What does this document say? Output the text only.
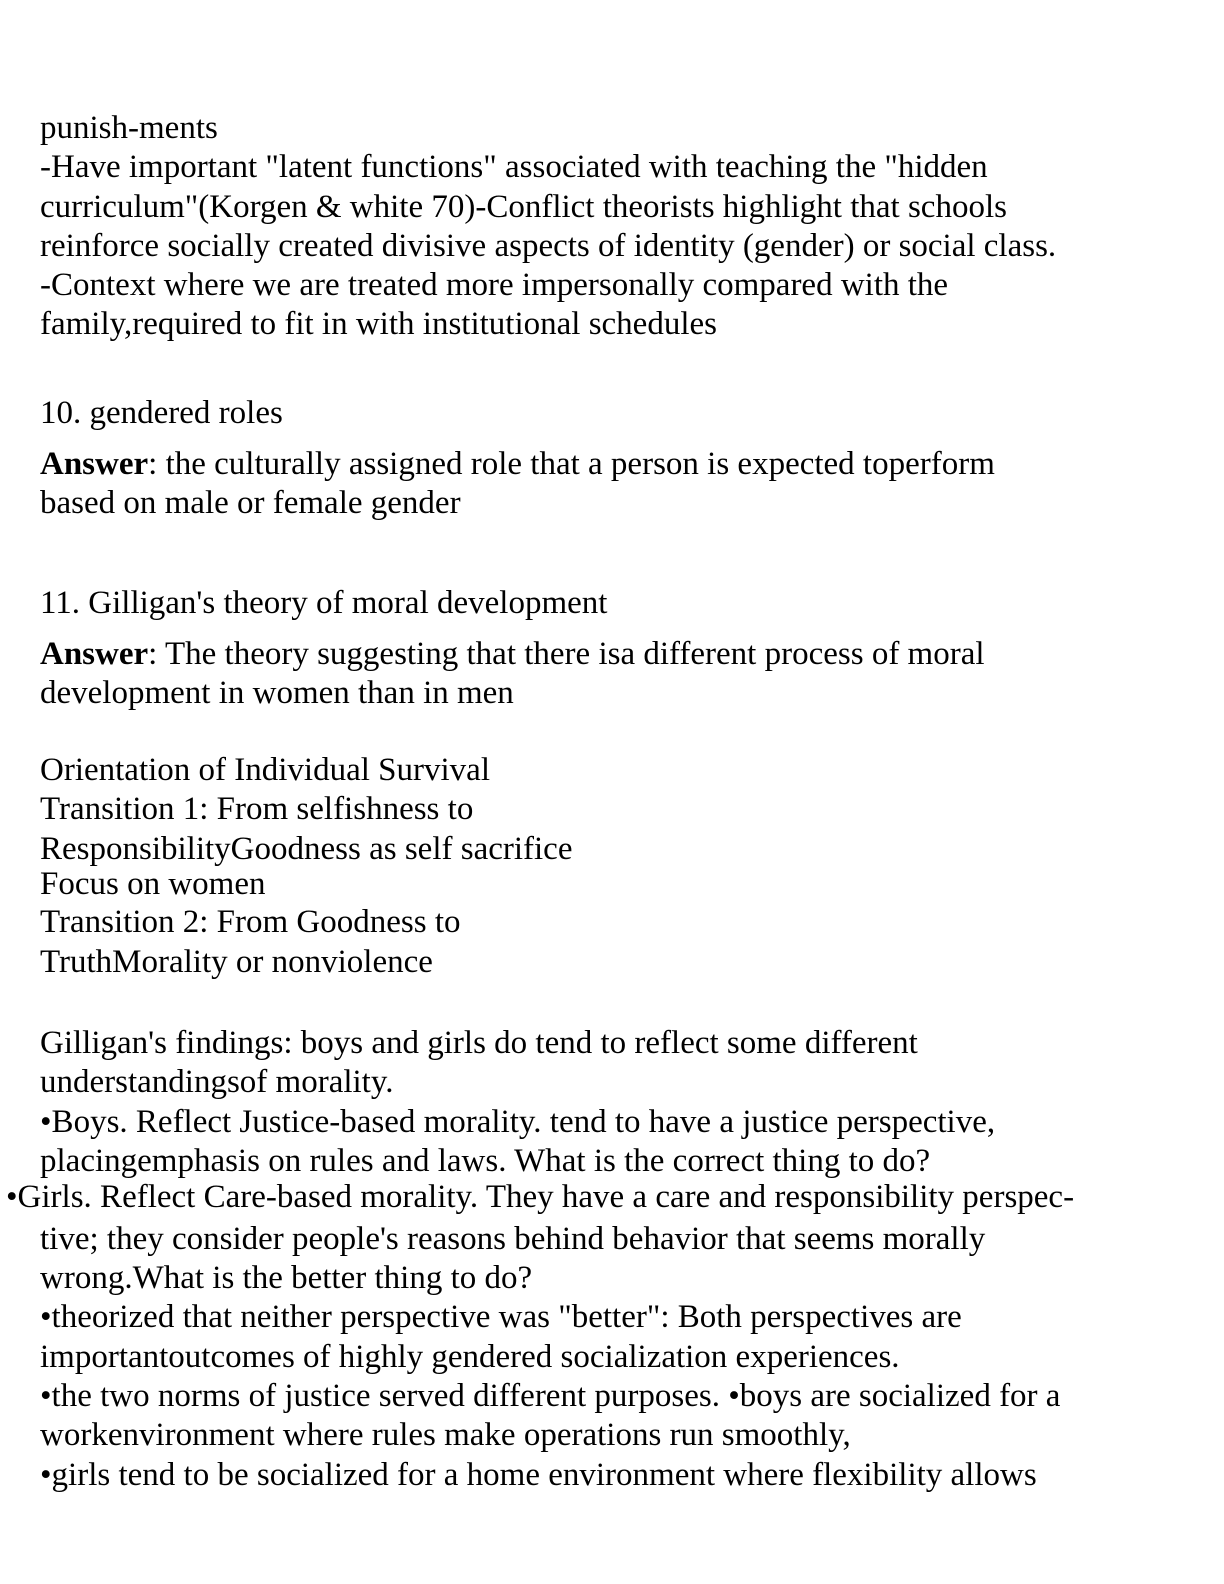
punish-ments
-Have important "latent functions" associated with teaching the "hidden
curriculum"(Korgen & white 70)-Conflict theorists highlight that schools
reinforce socially created divisive aspects of identity (gender) or social class.
-Context where we are treated more impersonally compared with the
family,required to fit in with institutional schedules
10. gendered roles
Answer: the culturally assigned role that a person is expected toperform
based on male or female gender
11. Gilligan's theory of moral development
Answer: The theory suggesting that there isa different process of moral
development in women than in men
Orientation of Individual Survival
Transition 1: From selfishness to
ResponsibilityGoodness as self sacrifice
Focus on women
Transition 2: From Goodness to
TruthMorality or nonviolence
Gilligan's findings: boys and girls do tend to reflect some different
understandingsof morality.
•Boys. Reflect Justice-based morality. tend to have a justice perspective,
placingemphasis on rules and laws. What is the correct thing to do?
•Girls. Reflect Care-based morality. They have a care and responsibility perspec-
tive; they consider people's reasons behind behavior that seems morally
wrong.What is the better thing to do?
•theorized that neither perspective was "better": Both perspectives are
importantoutcomes of highly gendered socialization experiences.
•the two norms of justice served different purposes. •boys are socialized for a
workenvironment where rules make operations run smoothly,
•girls tend to be socialized for a home environment where flexibility allows
